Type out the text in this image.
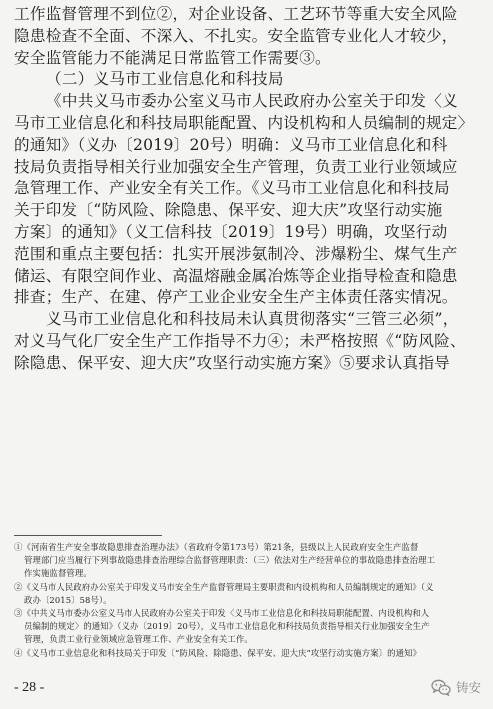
工作监督管理不到位②，对企业设备、工艺环节等重大安全风险
隐患检查不全面、不深入、不扎实。安全监管专业化人才较少，
安全监管能力不能满足日常监管工作需要③。
（二）义马市工业信息化和科技局
《中共义马市委办公室义马市人民政府办公室关于印发〈义
马市工业信息化和科技局职能配置、内设机构和人员编制的规定〉
的通知》（义办〔2019〕20号）明确：义马市工业信息化和科
技局负责指导相关行业加强安全生产管理，负责工业行业领域应
急管理工作、产业安全有关工作。《义马市工业信息化和科技局
关于印发〔“防风险、除隐患、保平安、迎大庆”攻坚行动实施
方案〕的通知》（义工信科技〔2019〕19号）明确，攻坚行动
范围和重点主要包括：扎实开展涉氨制冷、涉爆粉尘、煤气生产
储运、有限空间作业、高温熔融金属冶炼等企业指导检查和隐患
排查；生产、在建、停产工业企业安全生产主体责任落实情况。
义马市工业信息化和科技局未认真贯彻落实“三管三必须”，
对义马气化厂安全生产工作指导不力④；未严格按照《“防风险、
除隐患、保平安、迎大庆”攻坚行动实施方案》⑤要求认真指导
①《河南省生产安全事故隐患排查治理办法》（省政府令第173号）第21条，县级以上人民政府安全生产监督
管理部门应当履行下列事故隐患排查治理综合监督管理职责：（三）依法对生产经营单位的事故隐患排查治理工
作实施监督管理。
②《义马市人民政府办公室关于印发义马市安全生产监督管理局主要职责和内设机构和人员编制规定的通知》（义
政办〔2015〕58号）。
③《中共义马市委办公室义马市人民政府办公室关于印发〈义马市工业信息化和科技局职能配置、内设机构和人
员编制的规定〉的通知》（义办〔2019〕20号），义马市工业信息化和科技局负责指导相关行业加强安全生产
管理，负责工业行业领域应急管理工作、产业安全有关工作。
④《义马市工业信息化和科技局关于印发〔“防风险、除隐患、保平安、迎大庆”攻坚行动实施方案〕的通知》
- 28 -	铸安
